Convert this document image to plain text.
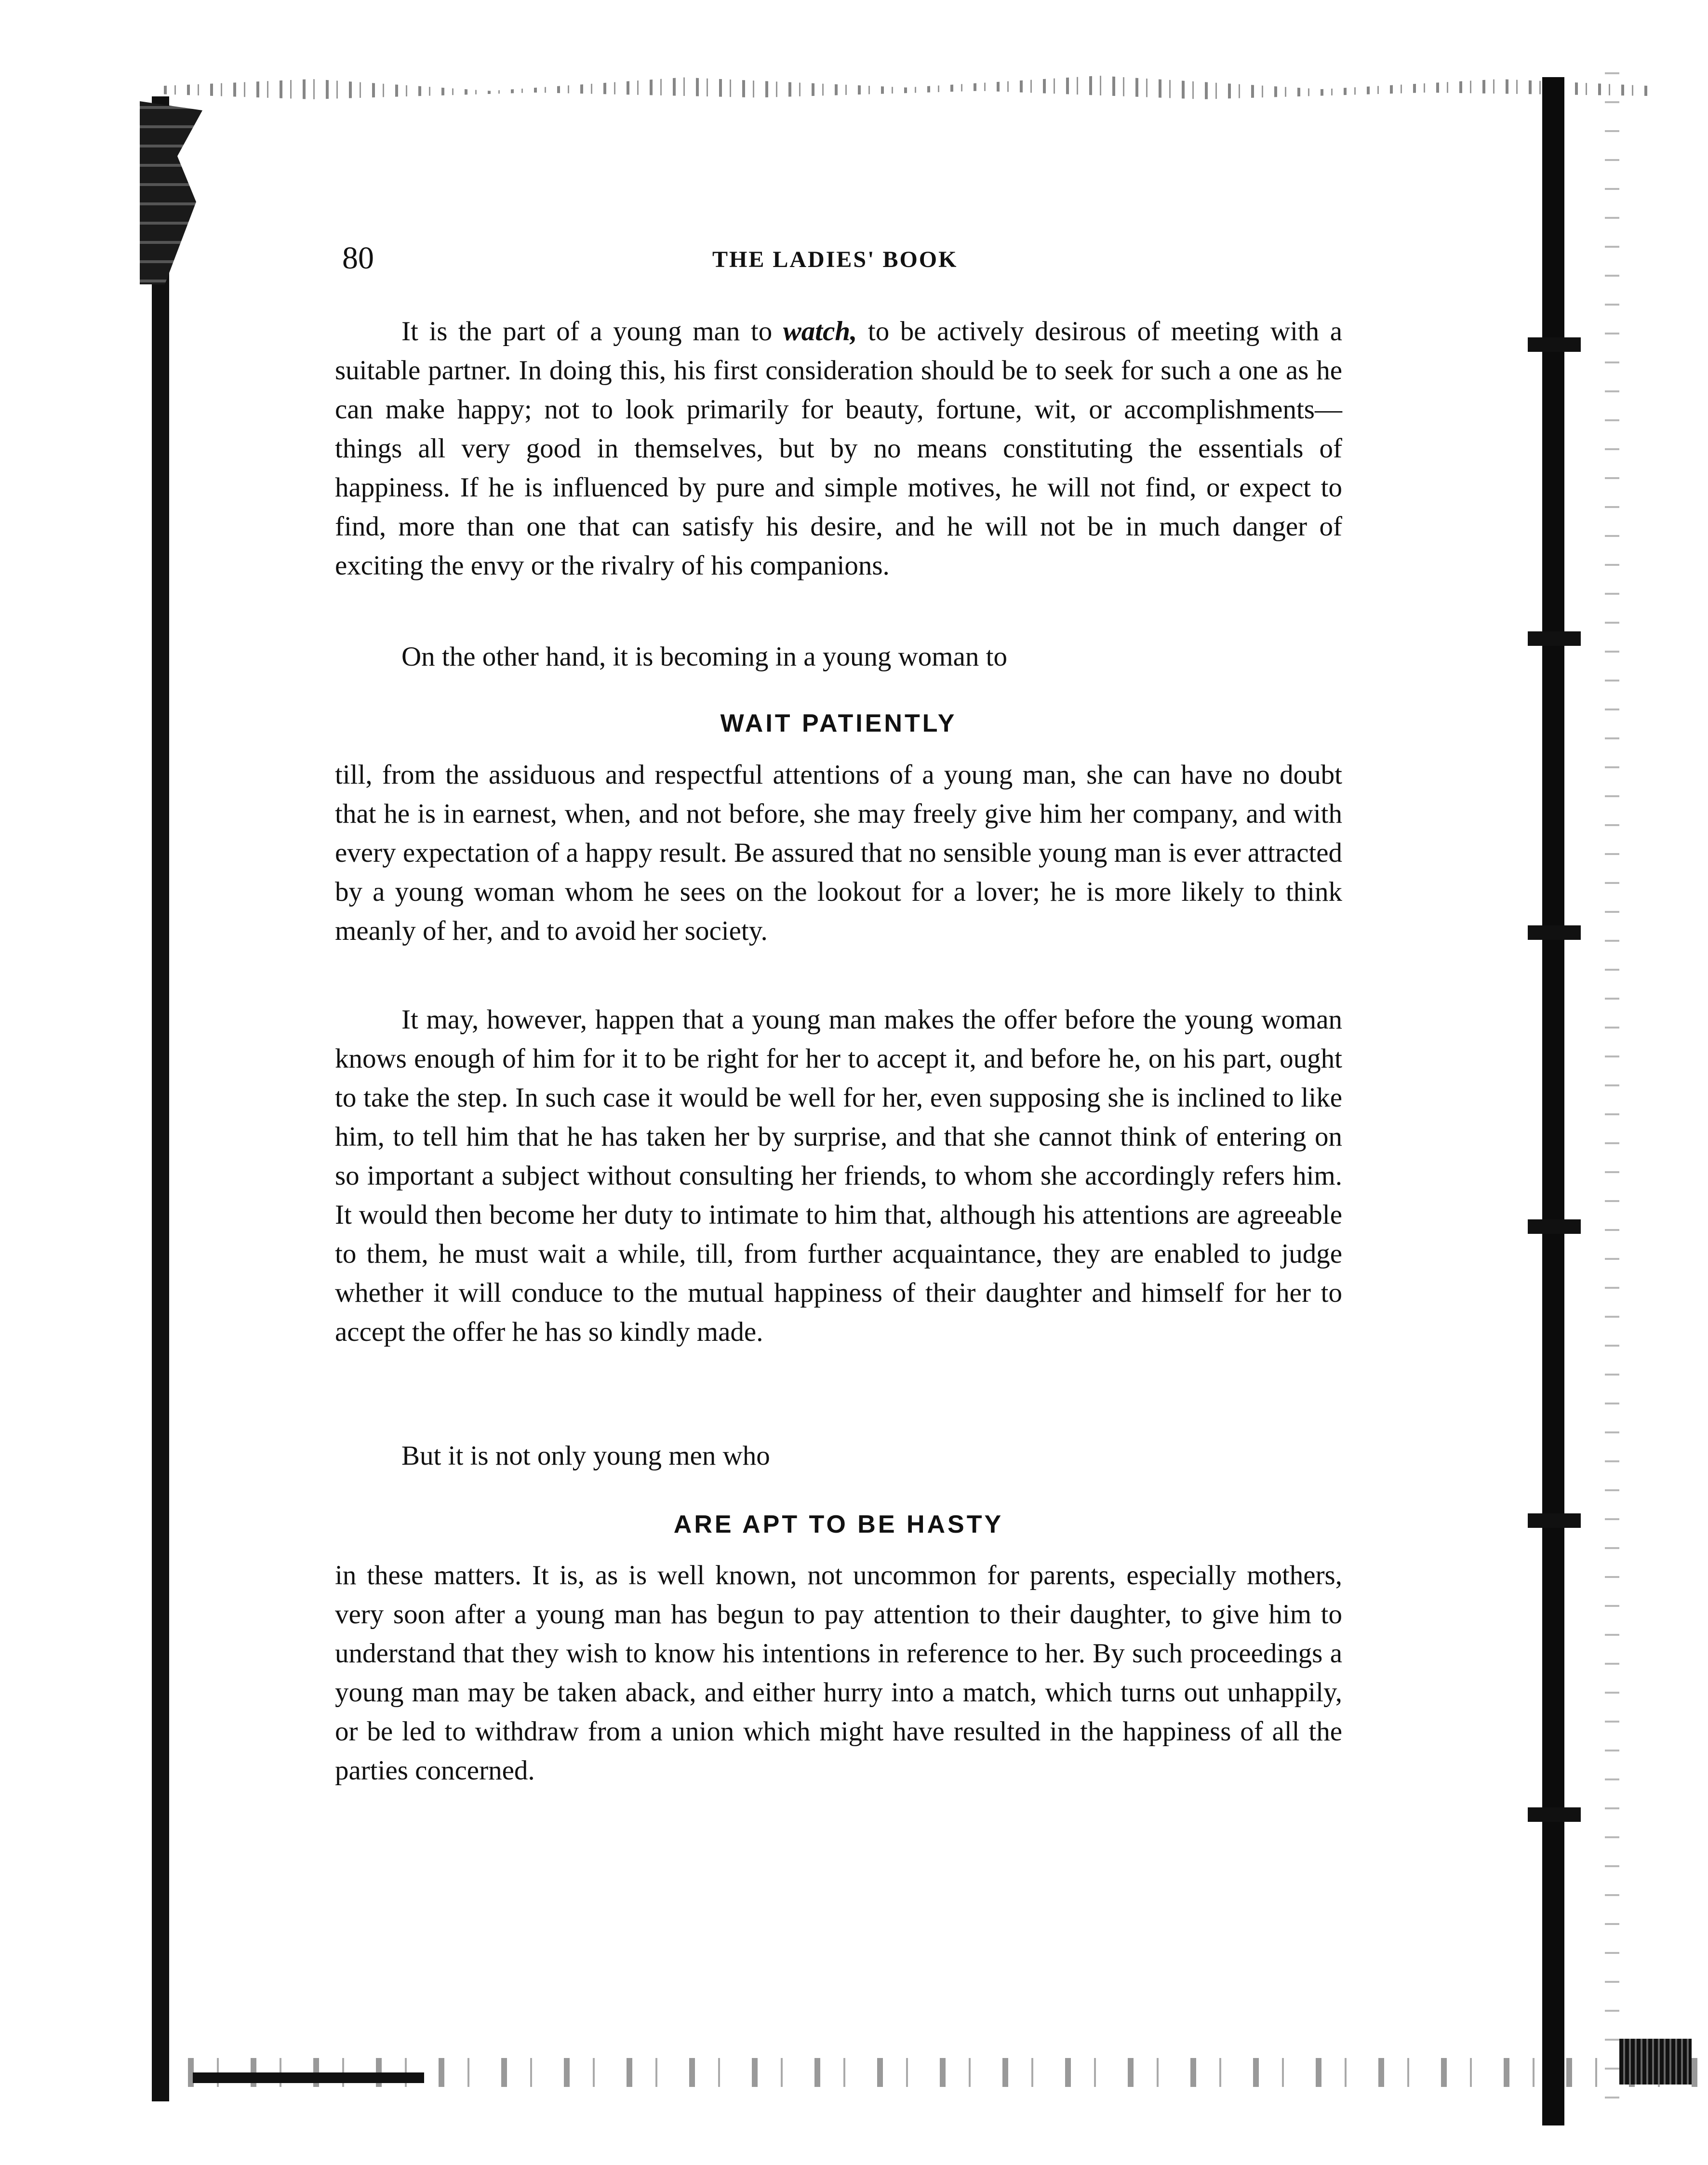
80	THE LADIES' BOOK

It is the part of a young man to watch, to be actively desirous of meeting with a suitable partner. In doing this, his first consideration should be to seek for such a one as he can make happy; not to look primarily for beauty, fortune, wit, or accomplishments—things all very good in themselves, but by no means constituting the essentials of happiness. If he is influenced by pure and simple motives, he will not find, or expect to find, more than one that can satisfy his desire, and he will not be in much danger of exciting the envy or the rivalry of his companions.

On the other hand, it is becoming in a young woman to

WAIT PATIENTLY

till, from the assiduous and respectful attentions of a young man, she can have no doubt that he is in earnest, when, and not before, she may freely give him her company, and with every expectation of a happy result. Be assured that no sensible young man is ever attracted by a young woman whom he sees on the lookout for a lover; he is more likely to think meanly of her, and to avoid her society.

It may, however, happen that a young man makes the offer before the young woman knows enough of him for it to be right for her to accept it, and before he, on his part, ought to take the step. In such case it would be well for her, even supposing she is inclined to like him, to tell him that he has taken her by surprise, and that she cannot think of entering on so important a subject without consulting her friends, to whom she accordingly refers him. It would then become her duty to intimate to him that, although his attentions are agreeable to them, he must wait a while, till, from further acquaintance, they are enabled to judge whether it will conduce to the mutual happiness of their daughter and himself for her to accept the offer he has so kindly made.

But it is not only young men who

ARE APT TO BE HASTY

in these matters. It is, as is well known, not uncommon for parents, especially mothers, very soon after a young man has begun to pay attention to their daughter, to give him to understand that they wish to know his intentions in reference to her. By such proceedings a young man may be taken aback, and either hurry into a match, which turns out unhappily, or be led to withdraw from a union which might have resulted in the happiness of all the parties concerned.
